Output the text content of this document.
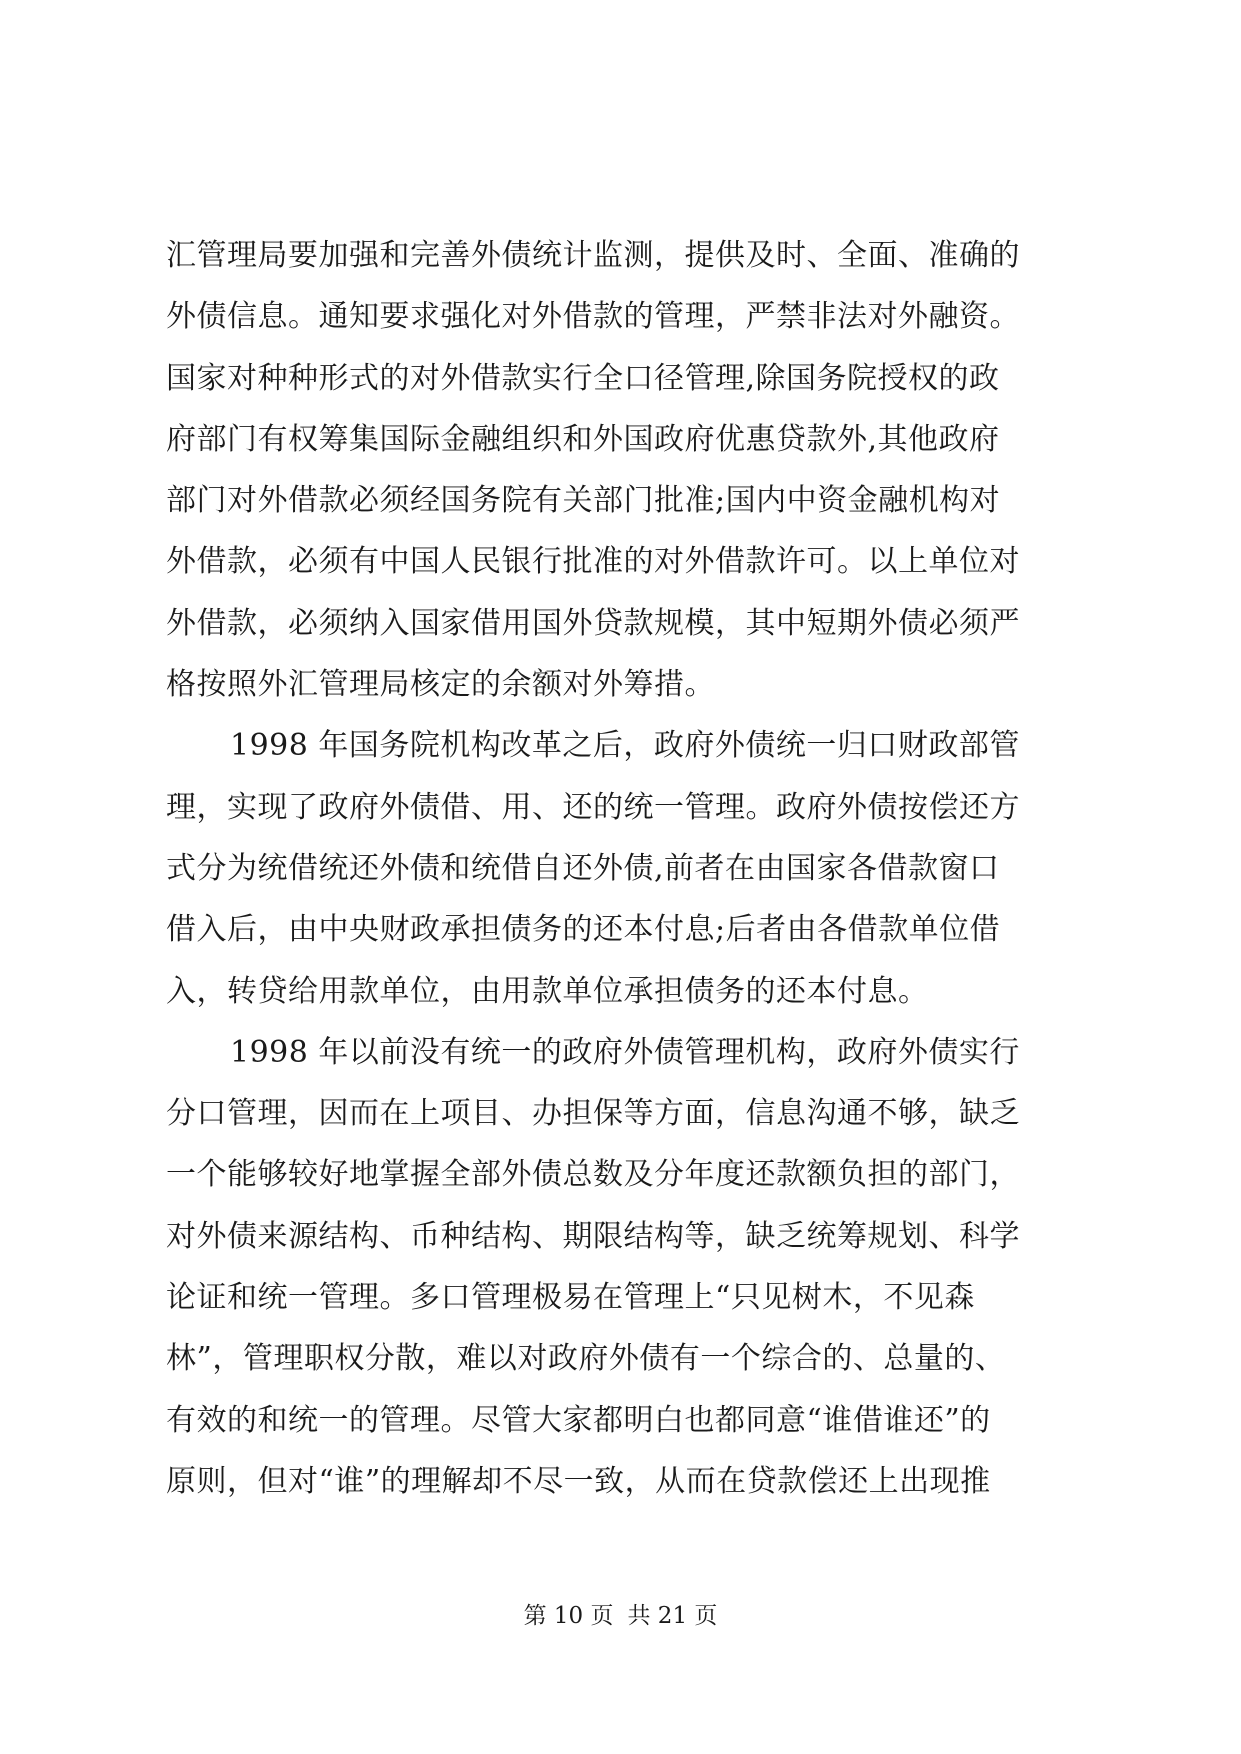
汇管理局要加强和完善外债统计监测，提供及时、全面、准确的
外债信息。通知要求强化对外借款的管理，严禁非法对外融资。
国家对种种形式的对外借款实行全口径管理,除国务院授权的政
府部门有权筹集国际金融组织和外国政府优惠贷款外,其他政府
部门对外借款必须经国务院有关部门批准;国内中资金融机构对
外借款，必须有中国人民银行批准的对外借款许可。以上单位对
外借款，必须纳入国家借用国外贷款规模，其中短期外债必须严
格按照外汇管理局核定的余额对外筹措。
1998 年国务院机构改革之后，政府外债统一归口财政部管
理，实现了政府外债借、用、还的统一管理。政府外债按偿还方
式分为统借统还外债和统借自还外债,前者在由国家各借款窗口
借入后，由中央财政承担债务的还本付息;后者由各借款单位借
入，转贷给用款单位，由用款单位承担债务的还本付息。
1998 年以前没有统一的政府外债管理机构，政府外债实行
分口管理，因而在上项目、办担保等方面，信息沟通不够，缺乏
一个能够较好地掌握全部外债总数及分年度还款额负担的部门，
对外债来源结构、币种结构、期限结构等，缺乏统筹规划、科学
论证和统一管理。多口管理极易在管理上“只见树木，不见森
林”，管理职权分散，难以对政府外债有一个综合的、总量的、
有效的和统一的管理。尽管大家都明白也都同意“谁借谁还”的
原则，但对“谁”的理解却不尽一致，从而在贷款偿还上出现推
第 10 页 共 21 页
